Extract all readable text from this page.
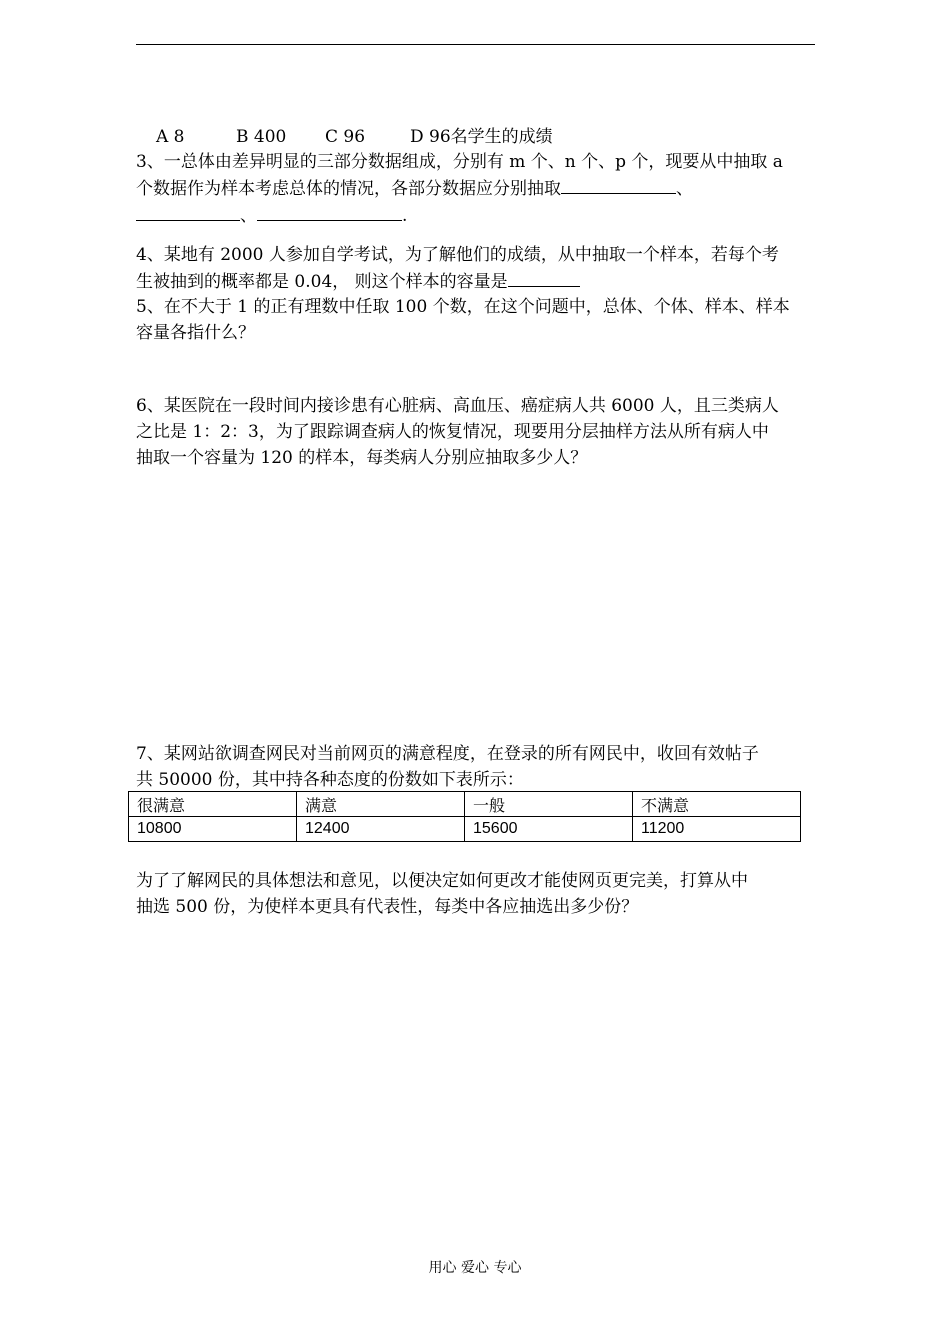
A 8	B 400 C 96	D 96名学生的成绩
3、一总体由差异明显的三部分数据组成，分别有 m 个、n 个、p 个，现要从中抽取 a
个数据作为样本考虑总体的情况，各部分数据应分别抽取	、
、	.
4、某地有 2000 人参加自学考试，为了解他们的成绩，从中抽取一个样本，若每个考
生被抽到的概率都是 0.04， 则这个样本的容量是
5、在不大于 1 的正有理数中任取 100 个数，在这个问题中，总体、个体、样本、样本
容量各指什么？
6、某医院在一段时间内接诊患有心脏病、高血压、癌症病人共 6000 人，且三类病人
之比是 1：2：3，为了跟踪调查病人的恢复情况，现要用分层抽样方法从所有病人中
抽取一个容量为 120 的样本，每类病人分别应抽取多少人？
7、某网站欲调查网民对当前网页的满意程度，在登录的所有网民中，收回有效帖子
共 50000 份，其中持各种态度的份数如下表所示：
很满意	满意	一般	不满意
10800	12400	15600	11200
为了了解网民的具体想法和意见，以便决定如何更改才能使网页更完美，打算从中
抽选 500 份，为使样本更具有代表性，每类中各应抽选出多少份？
用心 爱心 专心
